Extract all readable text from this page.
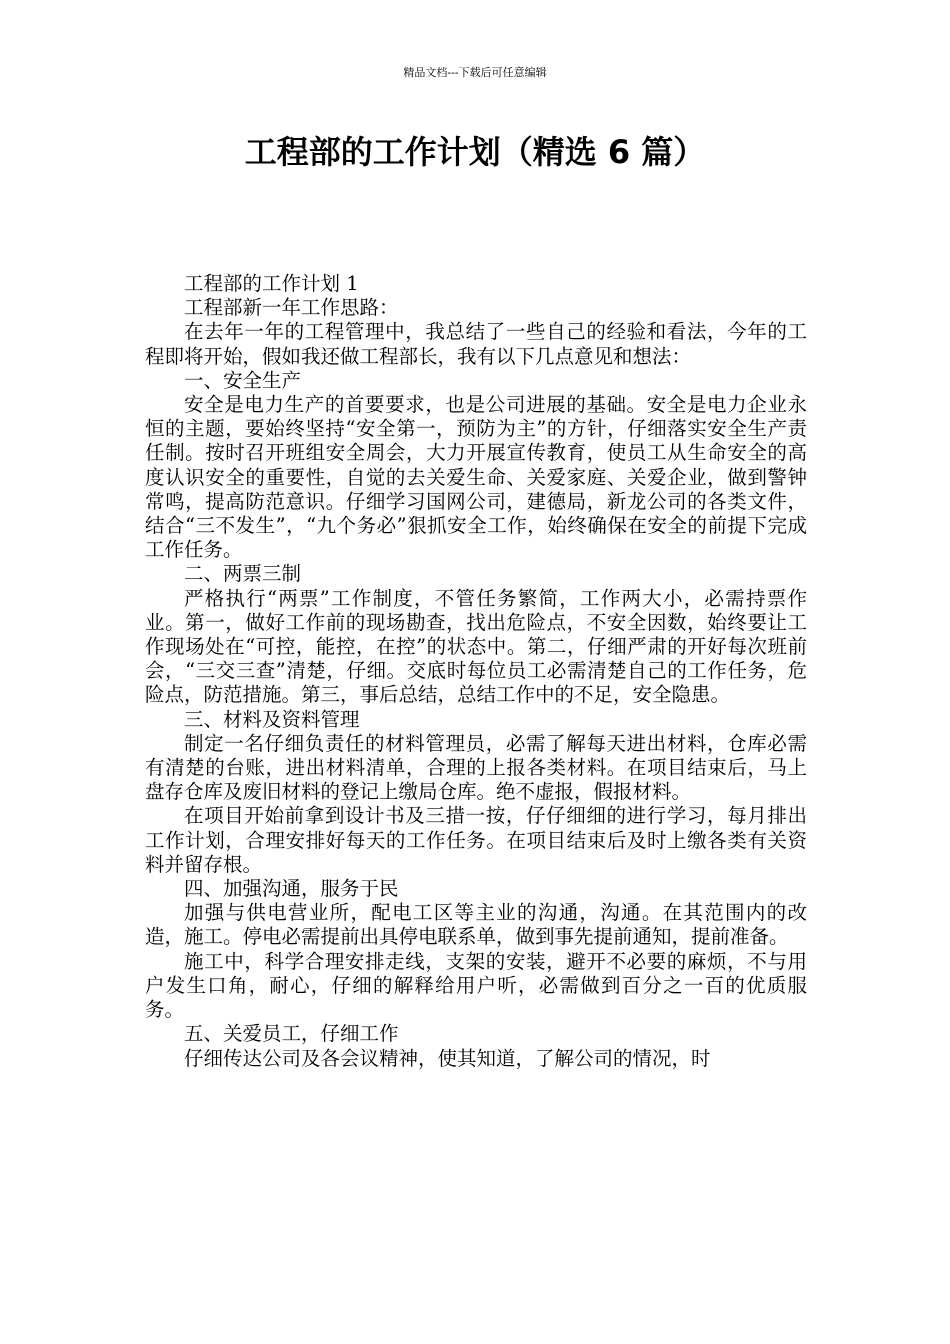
精品文档---下载后可任意编辑
工程部的工作计划（精选 6 篇）

工程部的工作计划 1

工程部新一年工作思路：

在去年一年的工程管理中，我总结了一些自己的经验和看法，今年的工程即将开始，假如我还做工程部长，我有以下几点意见和想法：

一、安全生产

安全是电力生产的首要要求，也是公司进展的基础。安全是电力企业永恒的主题，要始终坚持“安全第一，预防为主”的方针，仔细落实安全生产责任制。按时召开班组安全周会，大力开展宣传教育，使员工从生命安全的高度认识安全的重要性，自觉的去关爱生命、关爱家庭、关爱企业，做到警钟常鸣，提高防范意识。仔细学习国网公司，建德局，新龙公司的各类文件，结合“三不发生”，“九个务必”狠抓安全工作，始终确保在安全的前提下完成工作任务。

二、两票三制

严格执行“两票”工作制度，不管任务繁简，工作两大小，必需持票作业。第一，做好工作前的现场勘查，找出危险点，不安全因数，始终要让工作现场处在“可控，能控，在控”的状态中。第二，仔细严肃的开好每次班前会，“三交三查”清楚，仔细。交底时每位员工必需清楚自己的工作任务，危险点，防范措施。第三，事后总结，总结工作中的不足，安全隐患。

三、材料及资料管理

制定一名仔细负责任的材料管理员，必需了解每天进出材料，仓库必需有清楚的台账，进出材料清单，合理的上报各类材料。在项目结束后，马上盘存仓库及废旧材料的登记上缴局仓库。绝不虚报，假报材料。

在项目开始前拿到设计书及三措一按，仔仔细细的进行学习，每月排出工作计划，合理安排好每天的工作任务。在项目结束后及时上缴各类有关资料并留存根。

四、加强沟通，服务于民

加强与供电营业所，配电工区等主业的沟通，沟通。在其范围内的改造，施工。停电必需提前出具停电联系单，做到事先提前通知，提前准备。

施工中，科学合理安排走线，支架的安装，避开不必要的麻烦，不与用户发生口角，耐心，仔细的解释给用户听，必需做到百分之一百的优质服务。

五、关爱员工，仔细工作

仔细传达公司及各会议精神，使其知道，了解公司的情况，时
